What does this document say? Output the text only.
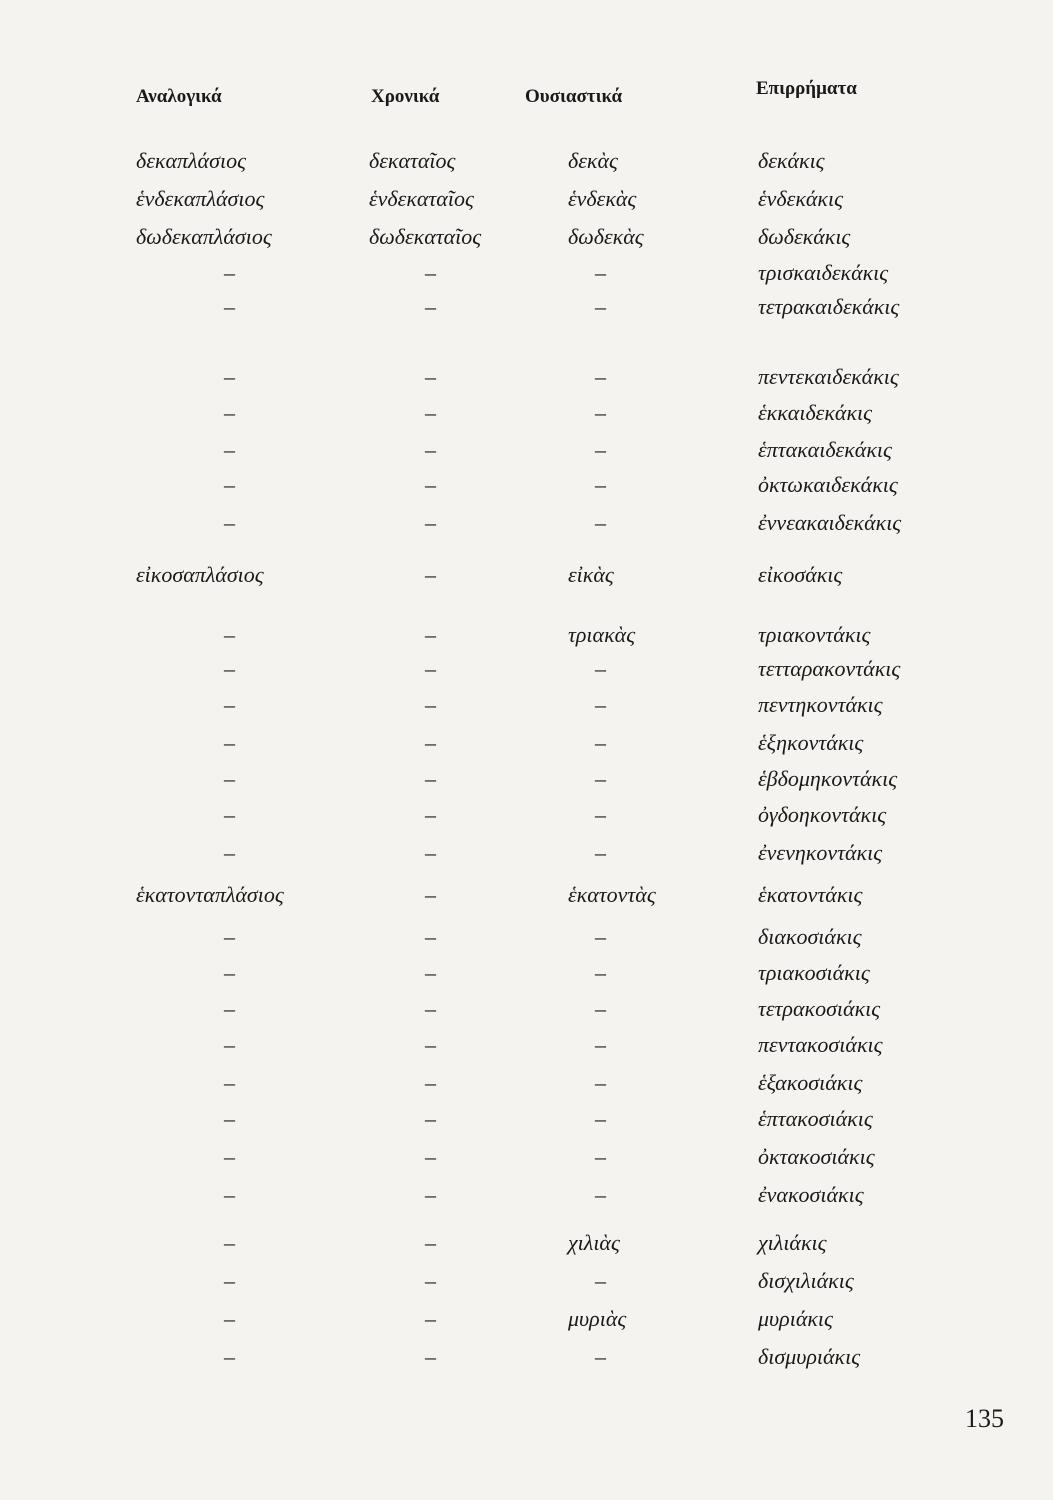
Αναλογικά	Χρονικά	Ουσιαστικά	Επιρρήματα
δεκαπλάσιος	δεκαταῖος	δεκὰς	δεκάκις
ἑνδεκαπλάσιος	ἑνδεκαταῖος	ἑνδεκὰς	ἑνδεκάκις
δωδεκαπλάσιος	δωδεκαταῖος	δωδεκὰς	δωδεκάκις
–	–	–	τρισκαιδεκάκις
–	–	–	τετρακαιδεκάκις
–	–	–	πεντεκαιδεκάκις
–	–	–	ἑκκαιδεκάκις
–	–	–	ἑπτακαιδεκάκις
–	–	–	ὀκτωκαιδεκάκις
–	–	–	ἐννεακαιδεκάκις
εἰκοσαπλάσιος	–	εἰκὰς	εἰκοσάκις
–	–	τριακὰς	τριακοντάκις
–	–	–	τετταρακοντάκις
–	–	–	πεντηκοντάκις
–	–	–	ἑξηκοντάκις
–	–	–	ἑβδομηκοντάκις
–	–	–	ὀγδοηκοντάκις
–	–	–	ἐνενηκοντάκις
ἑκατονταπλάσιος	–	ἑκατοντὰς	ἑκατοντάκις
–	–	–	διακοσιάκις
–	–	–	τριακοσιάκις
–	–	–	τετρακοσιάκις
–	–	–	πεντακοσιάκις
–	–	–	ἑξακοσιάκις
–	–	–	ἑπτακοσιάκις
–	–	–	ὀκτακοσιάκις
–	–	–	ἐνακοσιάκις
–	–	χιλιὰς	χιλιάκις
–	–	–	δισχιλιάκις
–	–	μυριὰς	μυριάκις
–	–	–	δισμυριάκις
135
